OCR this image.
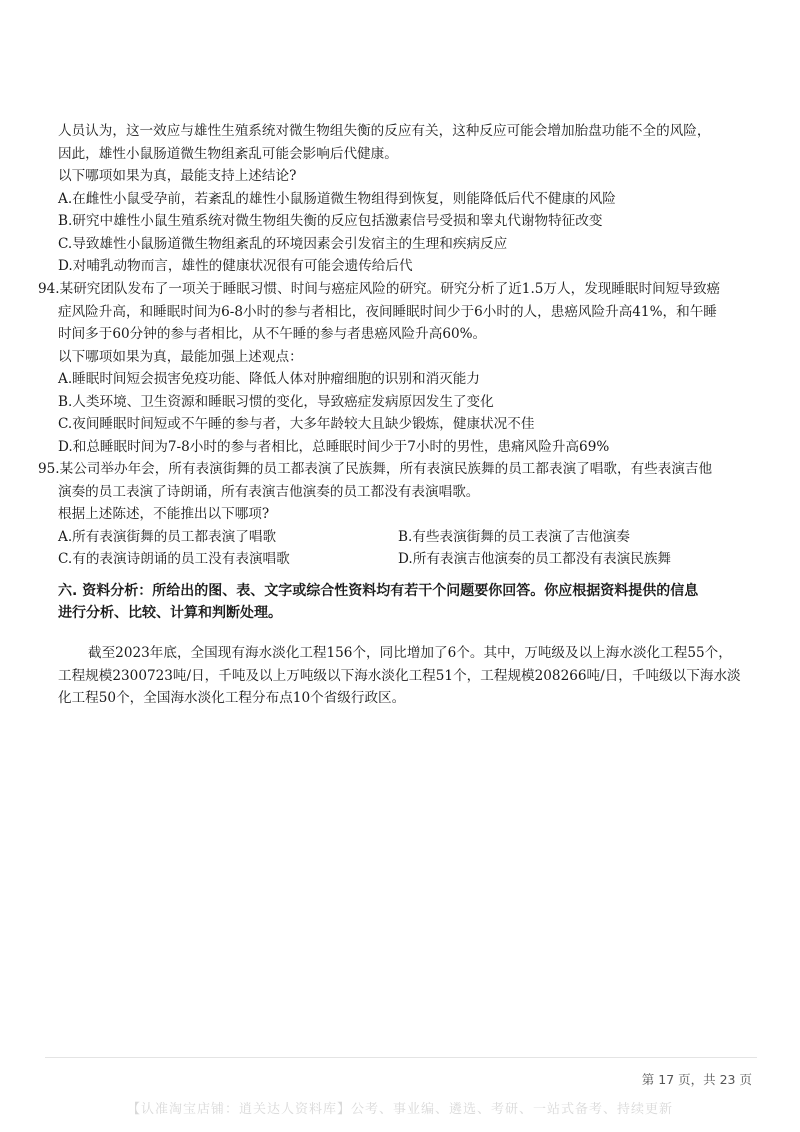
人员认为，这一效应与雄性生殖系统对微生物组失衡的反应有关，这种反应可能会增加胎盘功能不全的风险，

因此，雄性小鼠肠道微生物组紊乱可能会影响后代健康。

以下哪项如果为真，最能支持上述结论?

A.在雌性小鼠受孕前，若紊乱的雄性小鼠肠道微生物组得到恢复，则能降低后代不健康的风险

B.研究中雄性小鼠生殖系统对微生物组失衡的反应包括激素信号受损和睾丸代谢物特征改变

C.导致雄性小鼠肠道微生物组紊乱的环境因素会引发宿主的生理和疾病反应

D.对哺乳动物而言，雄性的健康状况很有可能会遗传给后代

94.某研究团队发布了一项关于睡眠习惯、时间与癌症风险的研究。研究分析了近1.5万人，发现睡眠时间短导致癌

症风险升高，和睡眠时间为6-8小时的参与者相比，夜间睡眠时间少于6小时的人，患癌风险升高41%，和午睡

时间多于60分钟的参与者相比，从不午睡的参与者患癌风险升高60%。

以下哪项如果为真，最能加强上述观点：

A.睡眠时间短会损害免疫功能、降低人体对肿瘤细胞的识别和消灭能力

B.人类环境、卫生资源和睡眠习惯的变化，导致癌症发病原因发生了变化

C.夜间睡眠时间短或不午睡的参与者，大多年龄较大且缺少锻炼，健康状况不佳

D.和总睡眠时间为7-8小时的参与者相比，总睡眠时间少于7小时的男性，患痛风险升高69%

95.某公司举办年会，所有表演街舞的员工都表演了民族舞，所有表演民族舞的员工都表演了唱歌，有些表演吉他

演奏的员工表演了诗朗诵，所有表演吉他演奏的员工都没有表演唱歌。

根据上述陈述，不能推出以下哪项?

A.所有表演街舞的员工都表演了唱歌	B.有些表演街舞的员工表演了吉他演奏

C.有的表演诗朗诵的员工没有表演唱歌	D.所有表演吉他演奏的员工都没有表演民族舞

六. 资料分析：所给出的图、表、文字或综合性资料均有若干个问题要你回答。你应根据资料提供的信息

进行分析、比较、计算和判断处理。

截至2023年底，全国现有海水淡化工程156个，同比增加了6个。其中，万吨级及以上海水淡化工程55个，

工程规模2300723吨/日，千吨及以上万吨级以下海水淡化工程51个，工程规模208266吨/日，千吨级以下海水淡

化工程50个，全国海水淡化工程分布点10个省级行政区。

第 17 页，共 23 页
【认准淘宝店铺：逍关达人资料库】公考、事业编、遴选、考研、一站式备考、持续更新
